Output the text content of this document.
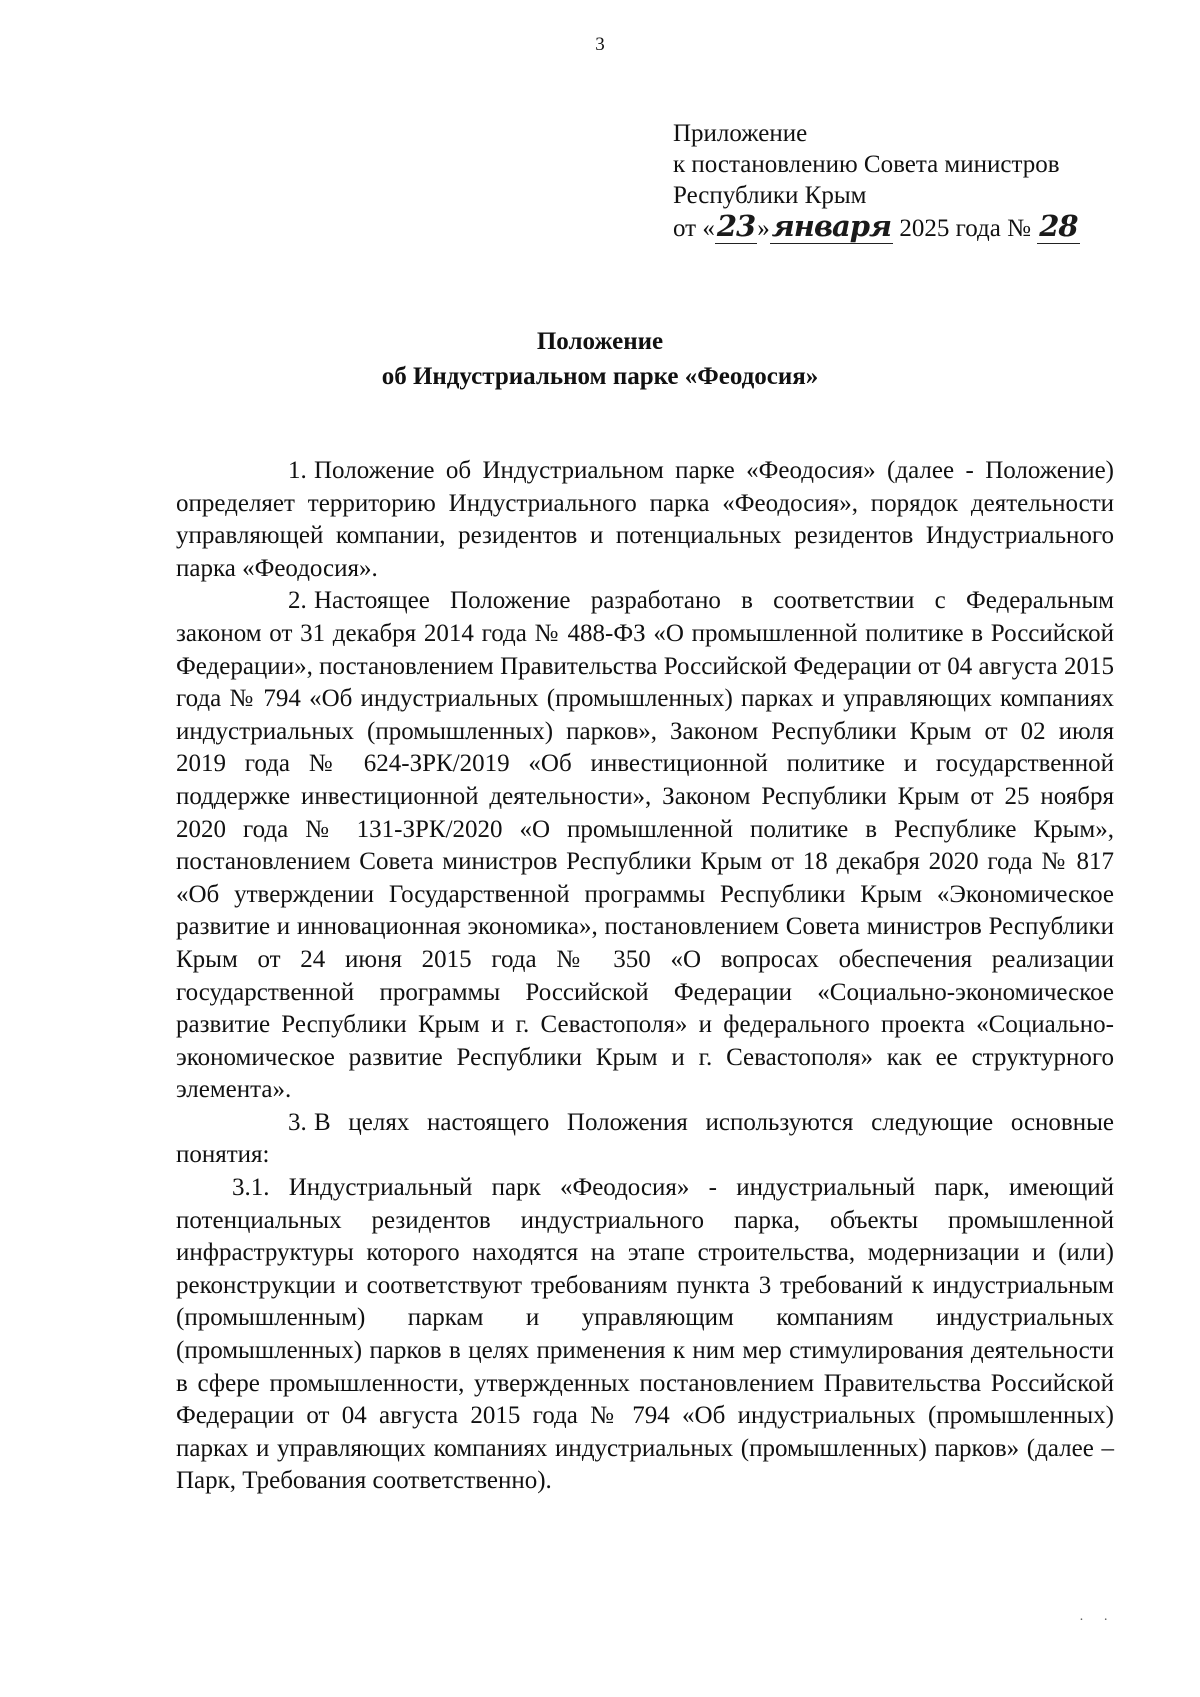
3
Приложение
к постановлению Совета министров
Республики Крым
от «23»января 2025 года № 28
Положение
об Индустриальном парке «Феодосия»

1. Положение об Индустриальном парке «Феодосия» (далее - Положение) определяет территорию Индустриального парка «Феодосия», порядок деятельности управляющей компании, резидентов и потенциальных резидентов Индустриального парка «Феодосия».

2. Настоящее Положение разработано в соответствии с Федеральным законом от 31 декабря 2014 года № 488-ФЗ «О промышленной политике в Российской Федерации», постановлением Правительства Российской Федерации от 04 августа 2015 года № 794 «Об индустриальных (промышленных) парках и управляющих компаниях индустриальных (промышленных) парков», Законом Республики Крым от 02 июля 2019 года № 624-ЗРК/2019 «Об инвестиционной политике и государственной поддержке инвестиционной деятельности», Законом Республики Крым от 25 ноября 2020 года № 131-ЗРК/2020 «О промышленной политике в Республике Крым», постановлением Совета министров Республики Крым от 18 декабря 2020 года № 817 «Об утверждении Государственной программы Республики Крым «Экономическое развитие и инновационная экономика», постановлением Совета министров Республики Крым от 24 июня 2015 года № 350 «О вопросах обеспечения реализации государственной программы Российской Федерации «Социально-экономическое развитие Республики Крым и г. Севастополя» и федерального проекта «Социально-экономическое развитие Республики Крым и г. Севастополя» как ее структурного элемента».

3. В целях настоящего Положения используются следующие основные понятия:

3.1. Индустриальный парк «Феодосия» - индустриальный парк, имеющий потенциальных резидентов индустриального парка, объекты промышленной инфраструктуры которого находятся на этапе строительства, модернизации и (или) реконструкции и соответствуют требованиям пункта 3 требований к индустриальным (промышленным) паркам и управляющим компаниям индустриальных (промышленных) парков в целях применения к ним мер стимулирования деятельности в сфере промышленности, утвержденных постановлением Правительства Российской Федерации от 04 августа 2015 года № 794 «Об индустриальных (промышленных) парках и управляющих компаниях индустриальных (промышленных) парков» (далее – Парк, Требования соответственно).

· ·
